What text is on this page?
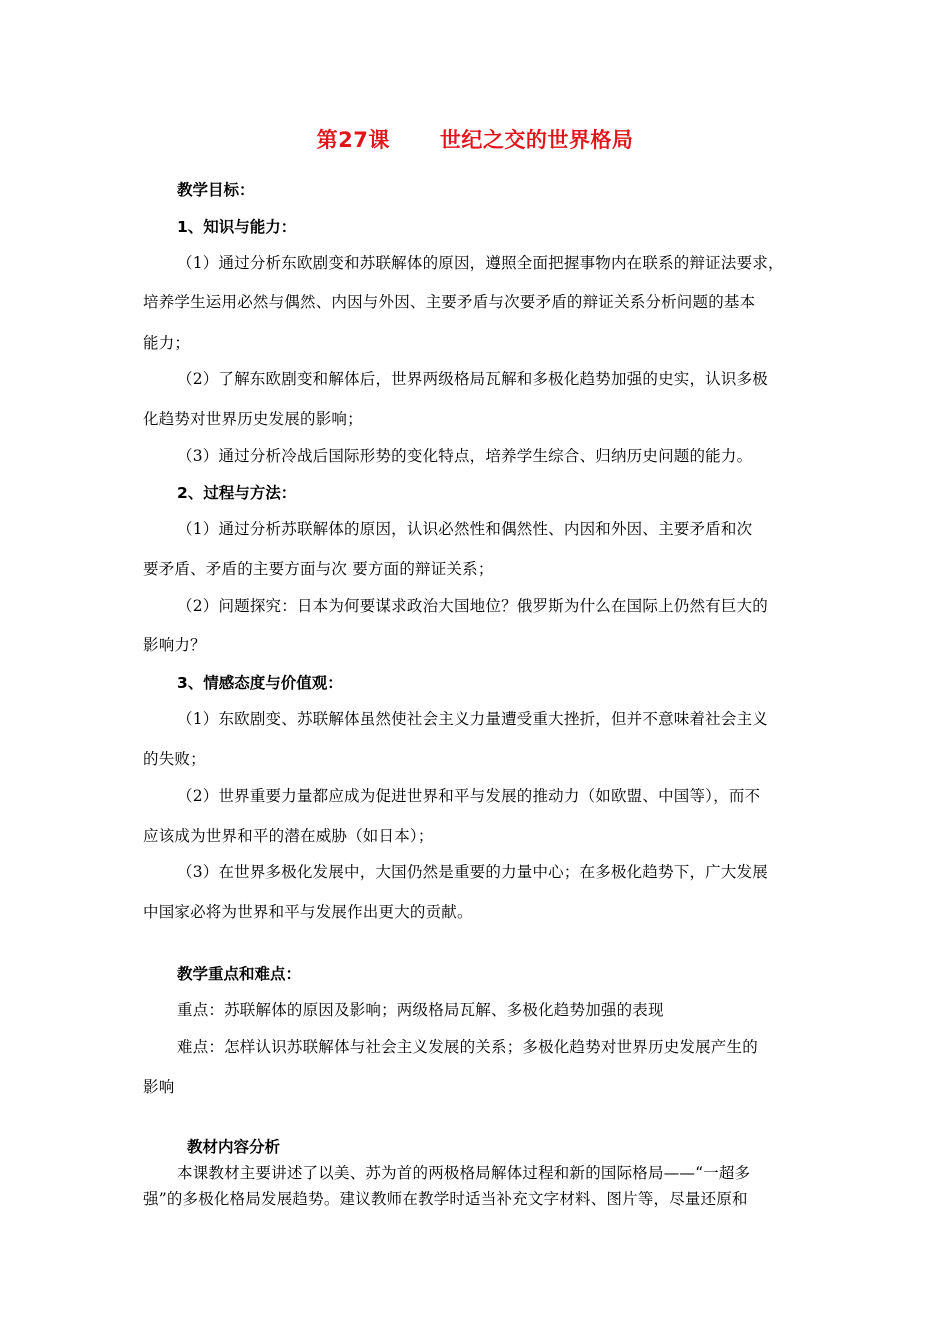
第27课 世纪之交的世界格局
教学目标：
1、知识与能力：
（1）通过分析东欧剧变和苏联解体的原因，遵照全面把握事物内在联系的辩证法要求，
培养学生运用必然与偶然、内因与外因、主要矛盾与次要矛盾的辩证关系分析问题的基本
能力；
（2）了解东欧剧变和解体后，世界两级格局瓦解和多极化趋势加强的史实，认识多极
化趋势对世界历史发展的影响；
（3）通过分析冷战后国际形势的变化特点，培养学生综合、归纳历史问题的能力。
2、过程与方法：
（1）通过分析苏联解体的原因，认识必然性和偶然性、内因和外因、主要矛盾和次
要矛盾、矛盾的主要方面与次 要方面的辩证关系；
（2）问题探究：日本为何要谋求政治大国地位？俄罗斯为什么在国际上仍然有巨大的
影响力？
3、情感态度与价值观：
（1）东欧剧变、苏联解体虽然使社会主义力量遭受重大挫折，但并不意味着社会主义
的失败；
（2）世界重要力量都应成为促进世界和平与发展的推动力（如欧盟、中国等），而不
应该成为世界和平的潜在威胁（如日本）；
（3）在世界多极化发展中，大国仍然是重要的力量中心；在多极化趋势下，广大发展
中国家必将为世界和平与发展作出更大的贡献。
教学重点和难点：
重点：苏联解体的原因及影响；两级格局瓦解、多极化趋势加强的表现
难点：怎样认识苏联解体与社会主义发展的关系；多极化趋势对世界历史发展产生的
影响
教材内容分析
本课教材主要讲述了以美、苏为首的两极格局解体过程和新的国际格局——“一超多
强”的多极化格局发展趋势。建议教师在教学时适当补充文字材料、图片等，尽量还原和
